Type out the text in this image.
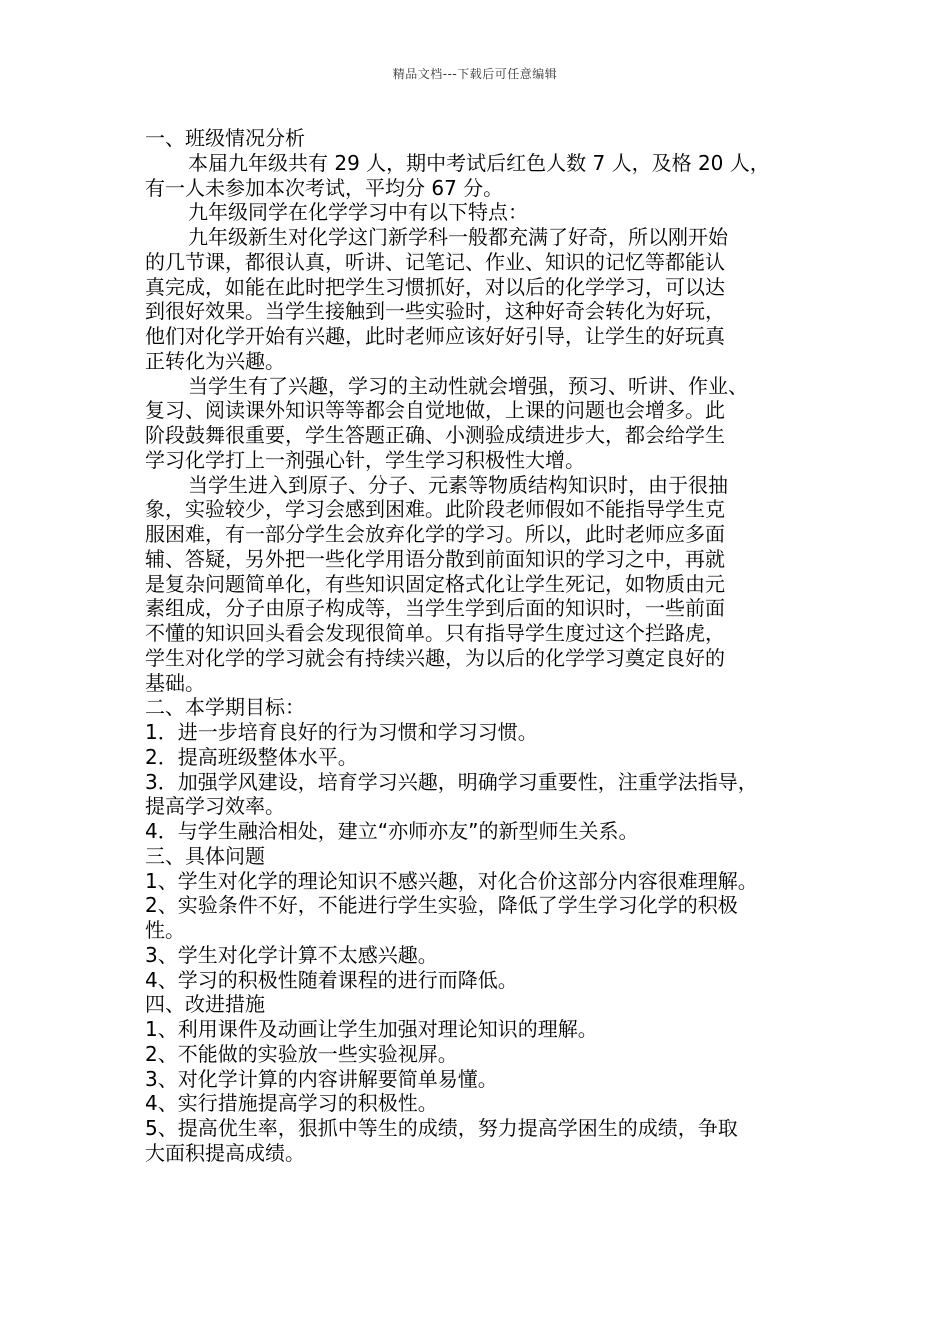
精品文档---下载后可任意编辑
一、班级情况分析
本届九年级共有 29 人，期中考试后红色人数 7 人，及格 20 人，
有一人未参加本次考试，平均分 67 分。
九年级同学在化学学习中有以下特点：
九年级新生对化学这门新学科一般都充满了好奇，所以刚开始
的几节课，都很认真，听讲、记笔记、作业、知识的记忆等都能认
真完成，如能在此时把学生习惯抓好，对以后的化学学习，可以达
到很好效果。当学生接触到一些实验时，这种好奇会转化为好玩，
他们对化学开始有兴趣，此时老师应该好好引导，让学生的好玩真
正转化为兴趣。
当学生有了兴趣，学习的主动性就会增强，预习、听讲、作业、
复习、阅读课外知识等等都会自觉地做，上课的问题也会增多。此
阶段鼓舞很重要，学生答题正确、小测验成绩进步大，都会给学生
学习化学打上一剂强心针，学生学习积极性大增。
当学生进入到原子、分子、元素等物质结构知识时，由于很抽
象，实验较少，学习会感到困难。此阶段老师假如不能指导学生克
服困难，有一部分学生会放弃化学的学习。所以，此时老师应多面
辅、答疑，另外把一些化学用语分散到前面知识的学习之中，再就
是复杂问题简单化，有些知识固定格式化让学生死记，如物质由元
素组成，分子由原子构成等，当学生学到后面的知识时，一些前面
不懂的知识回头看会发现很简单。只有指导学生度过这个拦路虎，
学生对化学的学习就会有持续兴趣，为以后的化学学习奠定良好的
基础。
二、本学期目标：
1．进一步培育良好的行为习惯和学习习惯。
2．提高班级整体水平。
3．加强学风建设，培育学习兴趣，明确学习重要性，注重学法指导，
提高学习效率。
4．与学生融洽相处，建立“亦师亦友”的新型师生关系。
三、具体问题
1、学生对化学的理论知识不感兴趣，对化合价这部分内容很难理解。
2、实验条件不好，不能进行学生实验，降低了学生学习化学的积极
性。
3、学生对化学计算不太感兴趣。
4、学习的积极性随着课程的进行而降低。
四、改进措施
1、利用课件及动画让学生加强对理论知识的理解。
2、不能做的实验放一些实验视屏。
3、对化学计算的内容讲解要简单易懂。
4、实行措施提高学习的积极性。
5、提高优生率，狠抓中等生的成绩，努力提高学困生的成绩，争取
大面积提高成绩。
